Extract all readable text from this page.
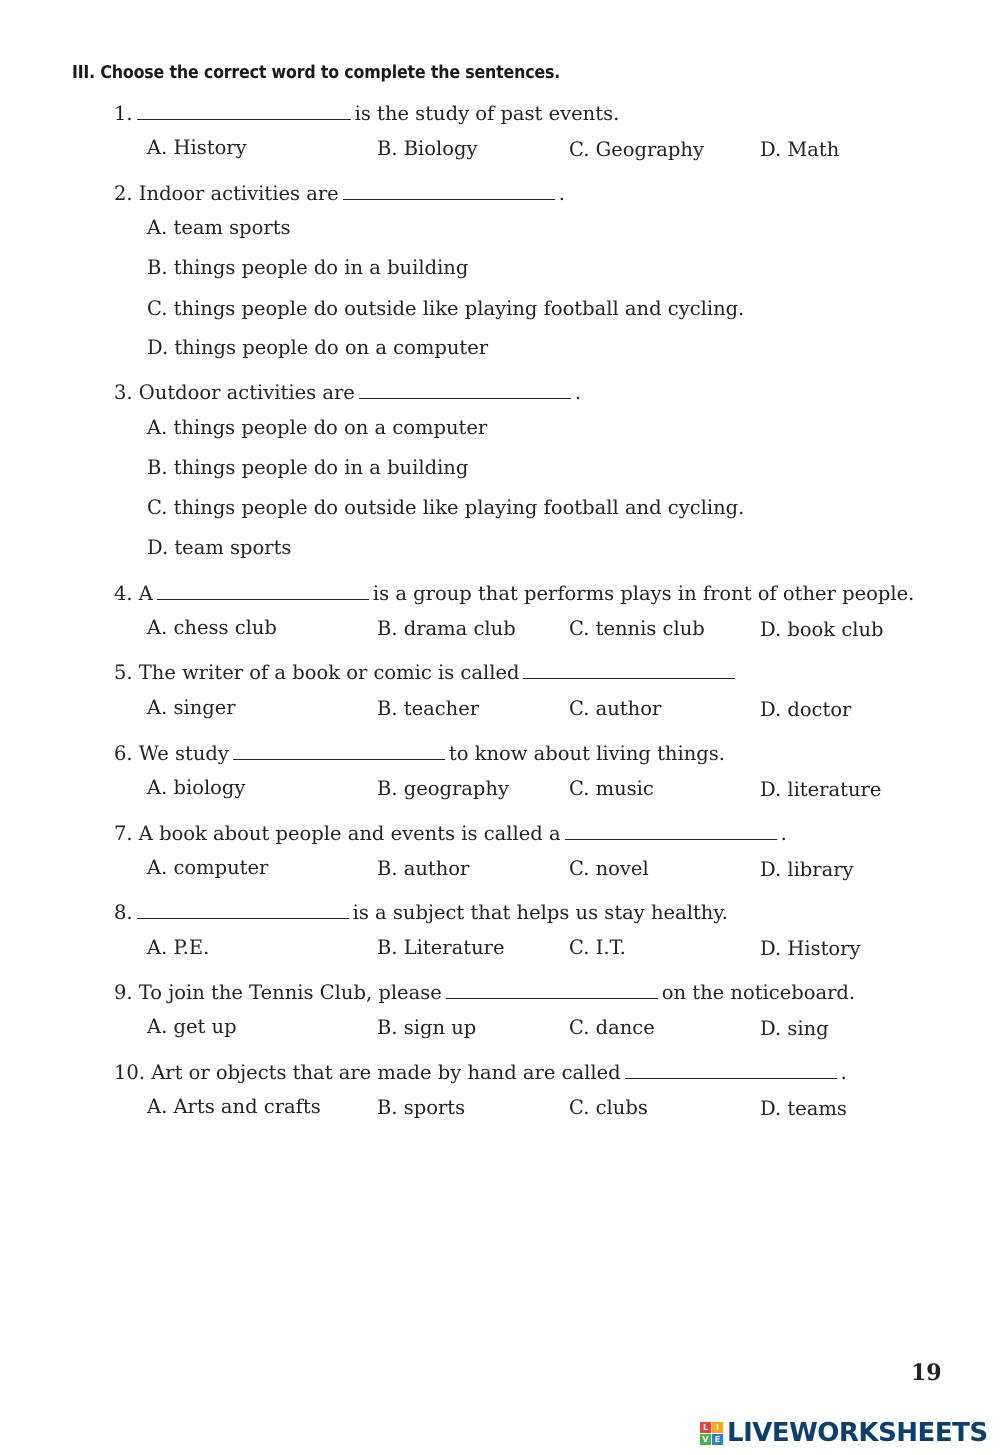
III. Choose the correct word to complete the sentences.
1.	is the study of past events.
A. History	B. Biology	C. Geography	D. Math
2. Indoor activities are	.
A. team sports
B. things people do in a building
C. things people do outside like playing football and cycling.
D. things people do on a computer
3. Outdoor activities are	.
A. things people do on a computer
B. things people do in a building
C. things people do outside like playing football and cycling.
D. team sports
4. A	is a group that performs plays in front of other people.
A. chess club	B. drama club	C. tennis club	D. book club
5. The writer of a book or comic is called
A. singer	B. teacher	C. author	D. doctor
6. We study	to know about living things.
A. biology	B. geography	C. music	D. literature
7. A book about people and events is called a	.
A. computer	B. author	C. novel	D. library
8.	is a subject that helps us stay healthy.
A. P.E.	B. Literature	C. I.T.	D. History
9. To join the Tennis Club, please	on the noticeboard.
A. get up	B. sign up	C. dance	D. sing
10. Art or objects that are made by hand are called	.
A. Arts and crafts	B. sports	C. clubs	D. teams
19
L I
V E LIVEWORKSHEETS
